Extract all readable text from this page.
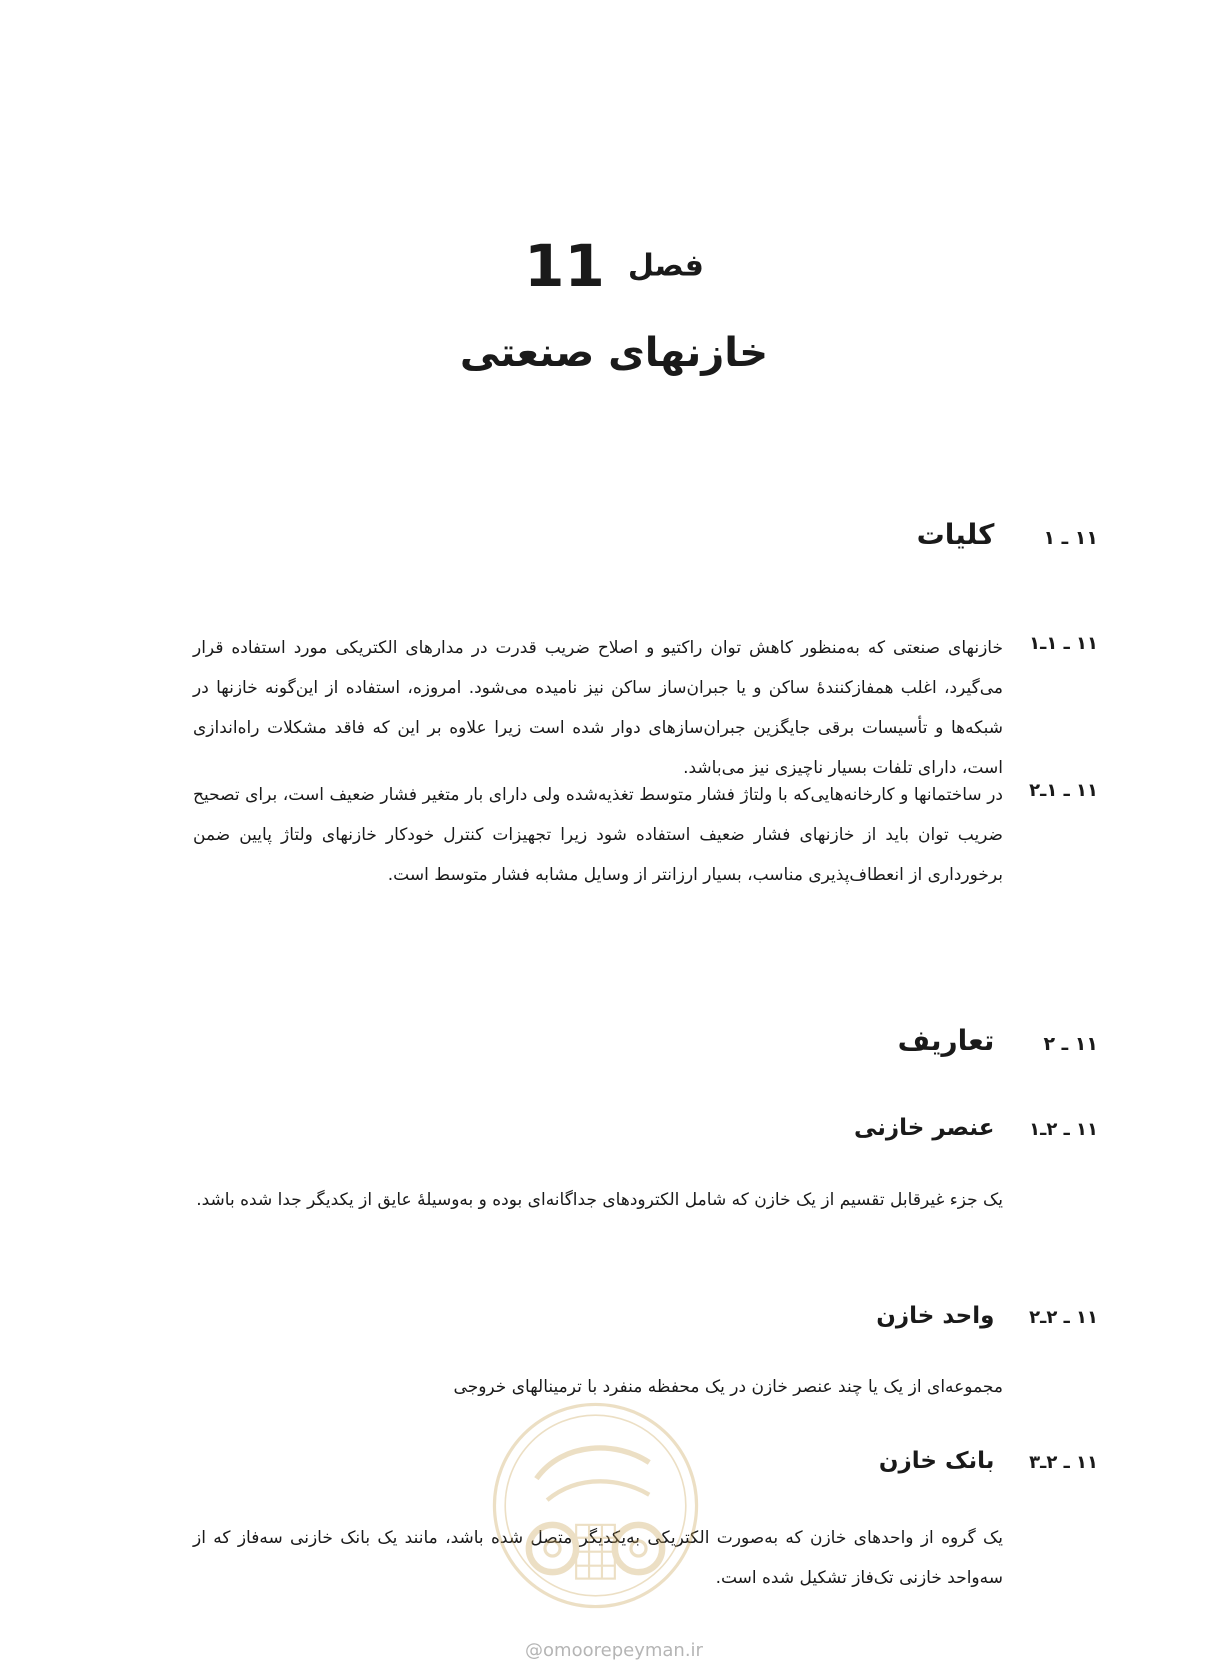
فصل 11
خازنهای صنعتی
۱۱ ـ ۱ کلیات
۱۱ ـ ۱ـ۱
خازنهای صنعتی که به‌منظور کاهش توان راکتیو و اصلاح ضریب قدرت در مدارهای الکتریکی مورد استفاده قرار می‌گیرد، اغلب همفازکنندهٔ ساکن و یا جبران‌ساز ساکن نیز نامیده می‌شود. امروزه، استفاده از این‌گونه خازنها در شبکه‌ها و تأسیسات برقی جایگزین جبران‌سازهای دوار شده است زیرا علاوه بر این که فاقد مشکلات راه‌اندازی است، دارای تلفات بسیار ناچیزی نیز می‌باشد.
۱۱ ـ ۱ـ۲
در ساختمانها و کارخانه‌هایی‌که با ولتاژ فشار متوسط تغذیه‌شده ولی دارای بار متغیر فشار ضعیف است، برای تصحیح ضریب توان باید از خازنهای فشار ضعیف استفاده شود زیرا تجهیزات کنترل خودکار خازنهای ولتاژ پایین ضمن برخورداری از انعطاف‌پذیری مناسب، بسیار ارزانتر از وسایل مشابه فشار متوسط است.
۱۱ ـ ۲ تعاریف
۱۱ ـ ۲ـ۱ عنصر خازنی
یک جزء غیرقابل تقسیم از یک خازن که شامل الکترودهای جداگانه‌ای بوده و به‌وسیلهٔ عایق از یکدیگر جدا شده باشد.
۱۱ ـ ۲ـ۲ واحد خازن
مجموعه‌ای از یک یا چند عنصر خازن در یک محفظه منفرد با ترمینالهای خروجی
۱۱ ـ ۲ـ۳ بانک خازن
یک گروه از واحدهای خازن که به‌صورت الکتریکی به‌یکدیگر متصل شده باشد، مانند یک بانک خازنی سه‌فاز که از سه‌واحد خازنی تک‌فاز تشکیل شده است.
@omoorepeyman.ir
